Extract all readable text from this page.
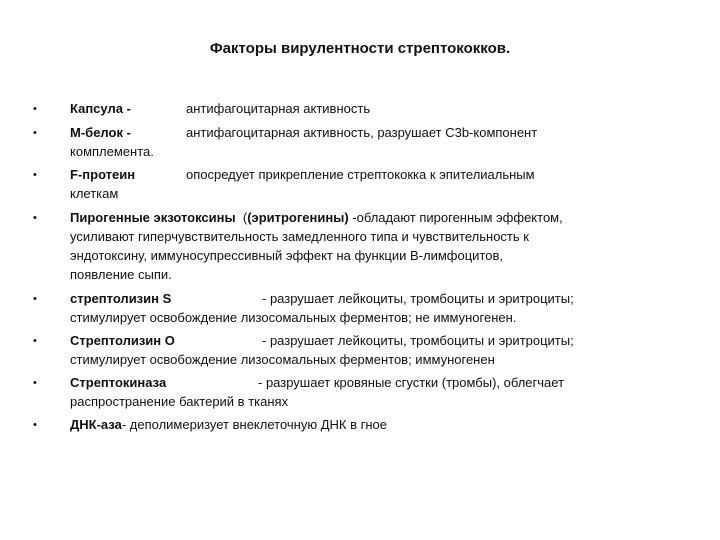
Факторы вирулентности стрептококков.
•	Капсула -	антифагоцитарная активность
•	М-белок -	антифагоцитарная активность, разрушает С3b-компонент
комплемента.
•	F-протеин	опосредует прикрепление стрептококка к эпителиальным
клеткам
•	Пирогенные экзотоксины ((эритрогенины) -обладают пирогенным эффектом,
усиливают гиперчувствительность замедленного типа и чувствительность к
эндотоксину, иммуносупрессивный эффект на функции В-лимфоцитов,
появление сыпи.
•	стрептолизин S	- разрушает лейкоциты, тромбоциты и эритроциты;
стимулирует освобождение лизосомальных ферментов; не иммуногенен.
•	Стрептолизин О	- разрушает лейкоциты, тромбоциты и эритроциты;
стимулирует освобождение лизосомальных ферментов; иммуногенен
•	Стрептокиназа	- разрушает кровяные сгустки (тромбы), облегчает
распространение бактерий в тканях
•	ДНК-аза- деполимеризует внеклеточную ДНК в гное
